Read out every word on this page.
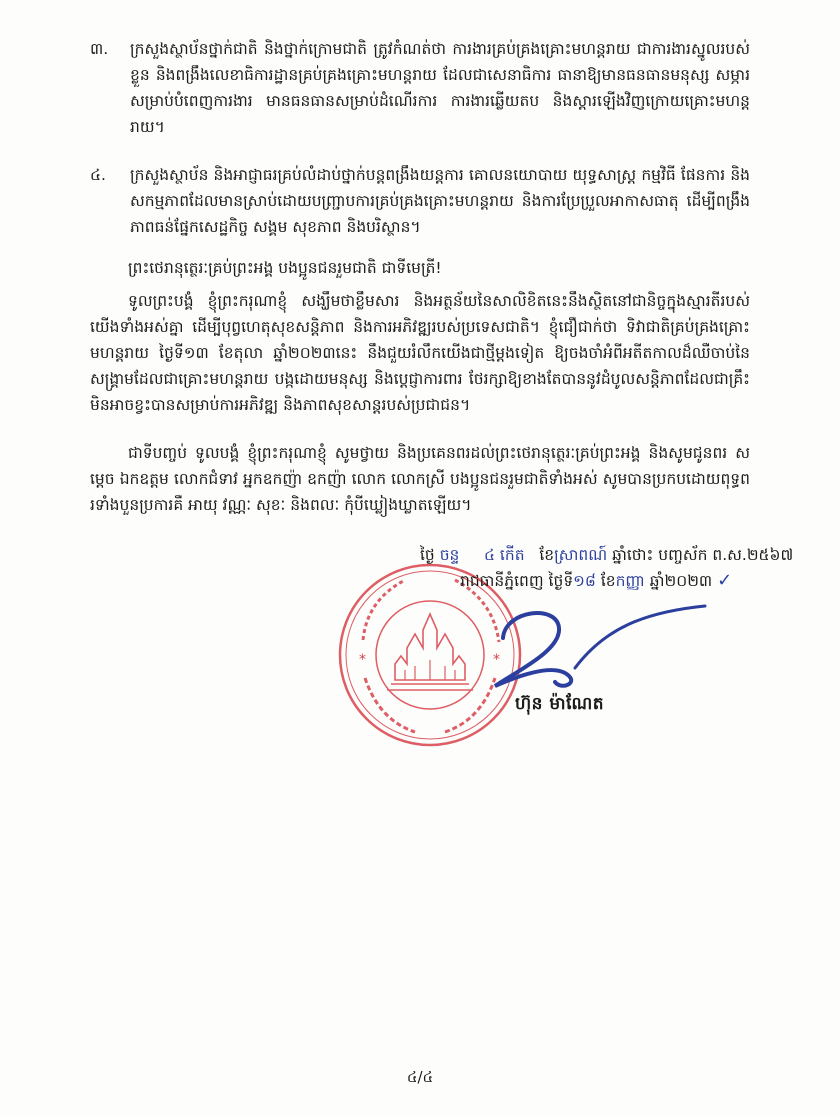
៣.	ក្រសួងស្ថាប័នថ្នាក់ជាតិ និងថ្នាក់ក្រោមជាតិ ត្រូវកំណត់ថា ការងារគ្រប់គ្រងគ្រោះមហន្តរាយ ជាការងារស្នូលរបស់ខ្លួន និងពង្រឹងលេខាធិការដ្ឋានគ្រប់គ្រងគ្រោះមហន្តរាយ ដែលជាសេនាធិការ ធានាឱ្យមានធនធានមនុស្ស សម្ភារ សម្រាប់បំពេញការងារ មានធនធានសម្រាប់ដំណើរការ ការងារឆ្លើយតប និងស្តារឡើងវិញក្រោយគ្រោះមហន្តរាយ។

៤.	ក្រសួងស្ថាប័ន និងអាជ្ញាធរគ្រប់លំដាប់ថ្នាក់បន្តពង្រឹងយន្តការ គោលនយោបាយ យុទ្ធសាស្ត្រ កម្មវិធី ផែនការ និងសកម្មភាពដែលមានស្រាប់ដោយបញ្ជ្រាបការគ្រប់គ្រងគ្រោះមហន្តរាយ និងការប្រែប្រួលអាកាសធាតុ ដើម្បីពង្រឹងភាពធន់ផ្នែកសេដ្ឋកិច្ច សង្គម សុខភាព និងបរិស្ថាន។

ព្រះថេរានុត្ថេរៈគ្រប់ព្រះអង្គ បងប្អូនជនរួមជាតិ ជាទីមេត្រី!

ទូលព្រះបង្គំ ខ្ញុំព្រះករុណាខ្ញុំ សង្ឃឹមថាខ្លឹមសារ និងអត្ថន័យនៃសាលិខិតនេះនឹងស្ថិតនៅជានិច្ចក្នុងស្មារតីរបស់យើងទាំងអស់គ្នា ដើម្បីបុព្វហេតុសុខសន្តិភាព និងការអភិវឌ្ឍរបស់ប្រទេសជាតិ។ ខ្ញុំជឿជាក់ថា ទិវាជាតិគ្រប់គ្រងគ្រោះមហន្តរាយ ថ្ងៃទី១៣ ខែតុលា ឆ្នាំ២០២៣នេះ នឹងជួយរំលឹកយើងជាថ្មីម្តងទៀត ឱ្យចងចាំអំពីអតីតកាលដ៏ឈឺចាប់នៃសង្គ្រាមដែលជាគ្រោះមហន្តរាយ បង្កដោយមនុស្ស និងប្តេជ្ញាការពារ ថែរក្សាឱ្យខាងតែបាននូវដំបូលសន្តិភាពដែលជាគ្រឹះមិនអាចខ្វះបានសម្រាប់ការអភិវឌ្ឍ និងភាពសុខសាន្តរបស់ប្រជាជន។

ជាទីបញ្ចប់ ទូលបង្គំ ខ្ញុំព្រះករុណាខ្ញុំ សូមថ្វាយ និងប្រគេនពរដល់ព្រះថេរានុត្ថេរៈគ្រប់ព្រះអង្គ និងសូមជូនពរ សម្តេច ឯកឧត្តម លោកជំទាវ អ្នកឧកញ៉ា ឧកញ៉ា លោក លោកស្រី បងប្អូនជនរួមជាតិទាំងអស់ សូមបានប្រកបដោយពុទ្ធពរទាំងបួនប្រការគឺ អាយុ វណ្ណៈ សុខៈ និងពលៈ កុំបីឃ្លៀងឃ្លាតឡើយ។

*	*
ថ្ងៃ ចន្ទ ៤ កើត ខែស្រាពណ៍ ឆ្នាំថោះ បញ្ចស័ក ព.ស.២៥៦៧
រាជធានីភ្នំពេញ ថ្ងៃទី១៨ ខែកញ្ញា ឆ្នាំ២០២៣ ✓
ហ៊ុន ម៉ាណែត
៤/៤
